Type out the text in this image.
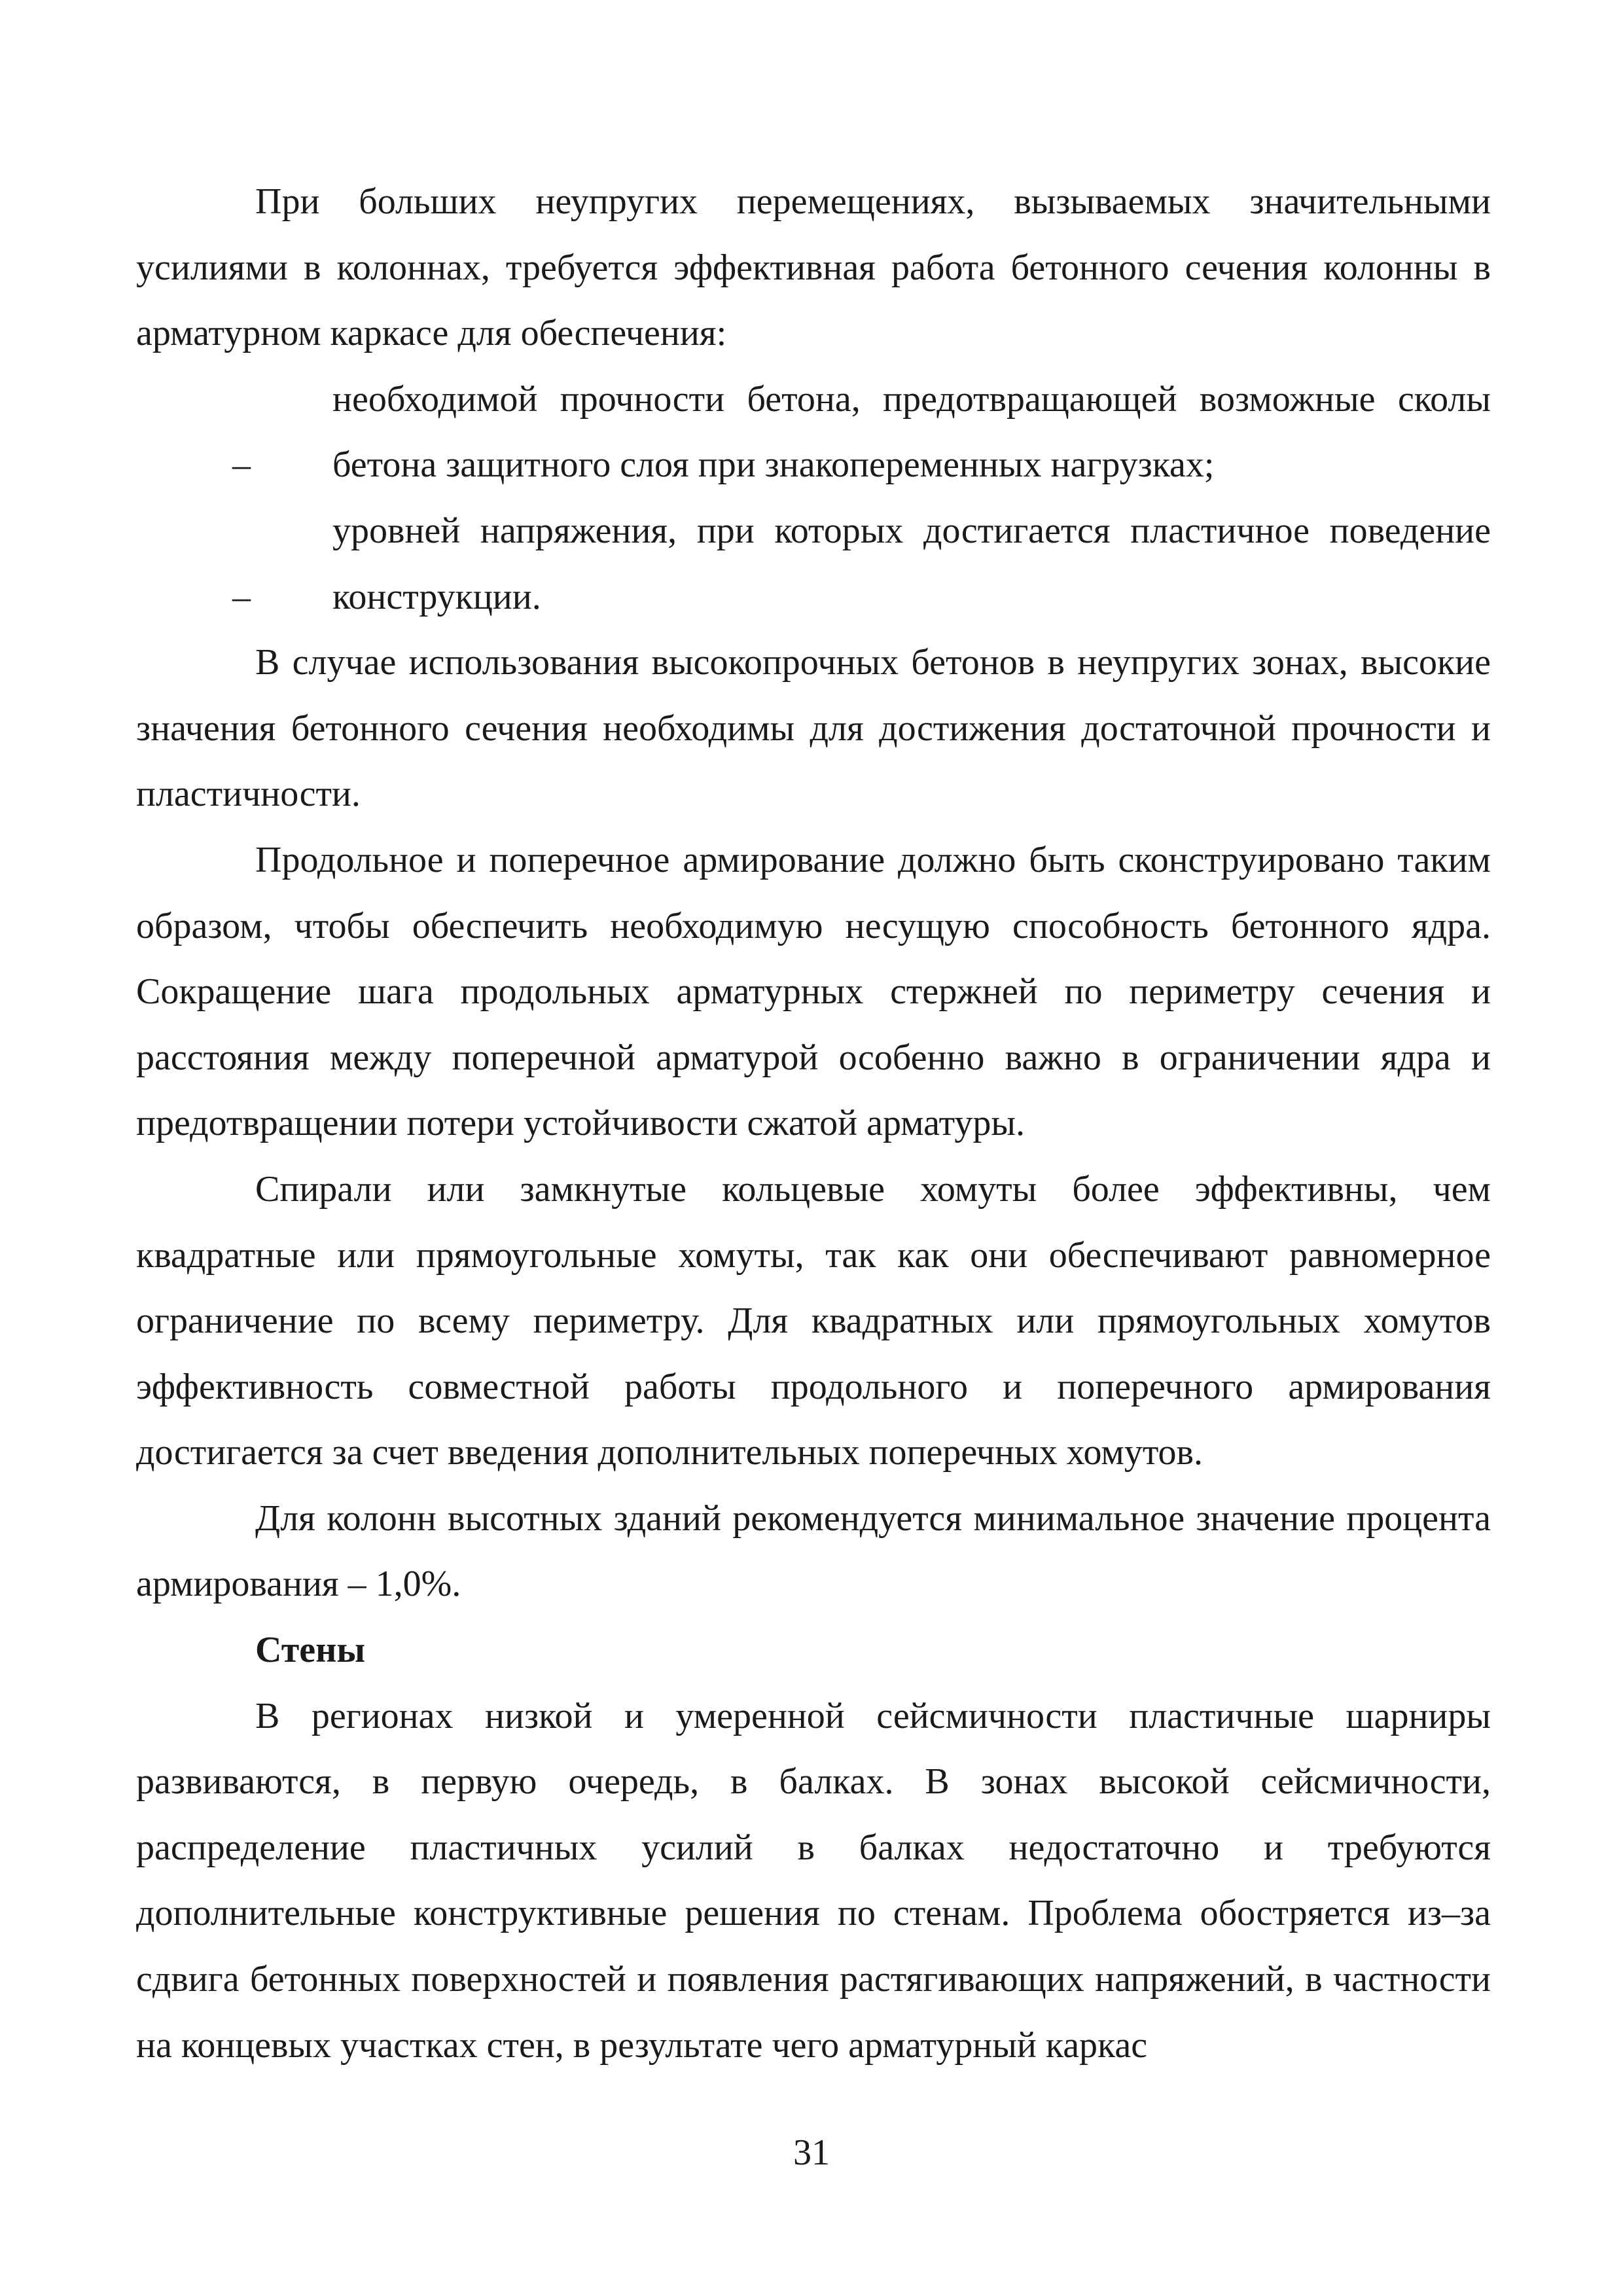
При больших неупругих перемещениях, вызываемых значительными усилиями в колоннах, требуется эффективная работа бетонного сечения колонны в арматурном каркасе для обеспечения:

–необходимой прочности бетона, предотвращающей возможные сколы бетона защитного слоя при знакопеременных нагрузках;

–уровней напряжения, при которых достигается пластичное поведение конструкции.

В случае использования высокопрочных бетонов в неупругих зонах, высокие значения бетонного сечения необходимы для достижения достаточной прочности и пластичности.

Продольное и поперечное армирование должно быть сконструировано таким образом, чтобы обеспечить необходимую несущую способность бетонного ядра. Сокращение шага продольных арматурных стержней по периметру сечения и расстояния между поперечной арматурой особенно важно в ограничении ядра и предотвращении потери устойчивости сжатой арматуры.

Спирали или замкнутые кольцевые хомуты более эффективны, чем квадратные или прямоугольные хомуты, так как они обеспечивают равномерное ограничение по всему периметру. Для квадратных или прямоугольных хомутов эффективность совместной работы продольного и поперечного армирования достигается за счет введения дополнительных поперечных хомутов.

Для колонн высотных зданий рекомендуется минимальное значение процента армирования – 1,0%.

Стены

В регионах низкой и умеренной сейсмичности пластичные шарниры развиваются, в первую очередь, в балках. В зонах высокой сейсмичности, распределение пластичных усилий в балках недостаточно и требуются дополнительные конструктивные решения по стенам. Проблема обостряется из–за сдвига бетонных поверхностей и появления растягивающих напряжений, в частности на концевых участках стен, в результате чего арматурный каркас

31
